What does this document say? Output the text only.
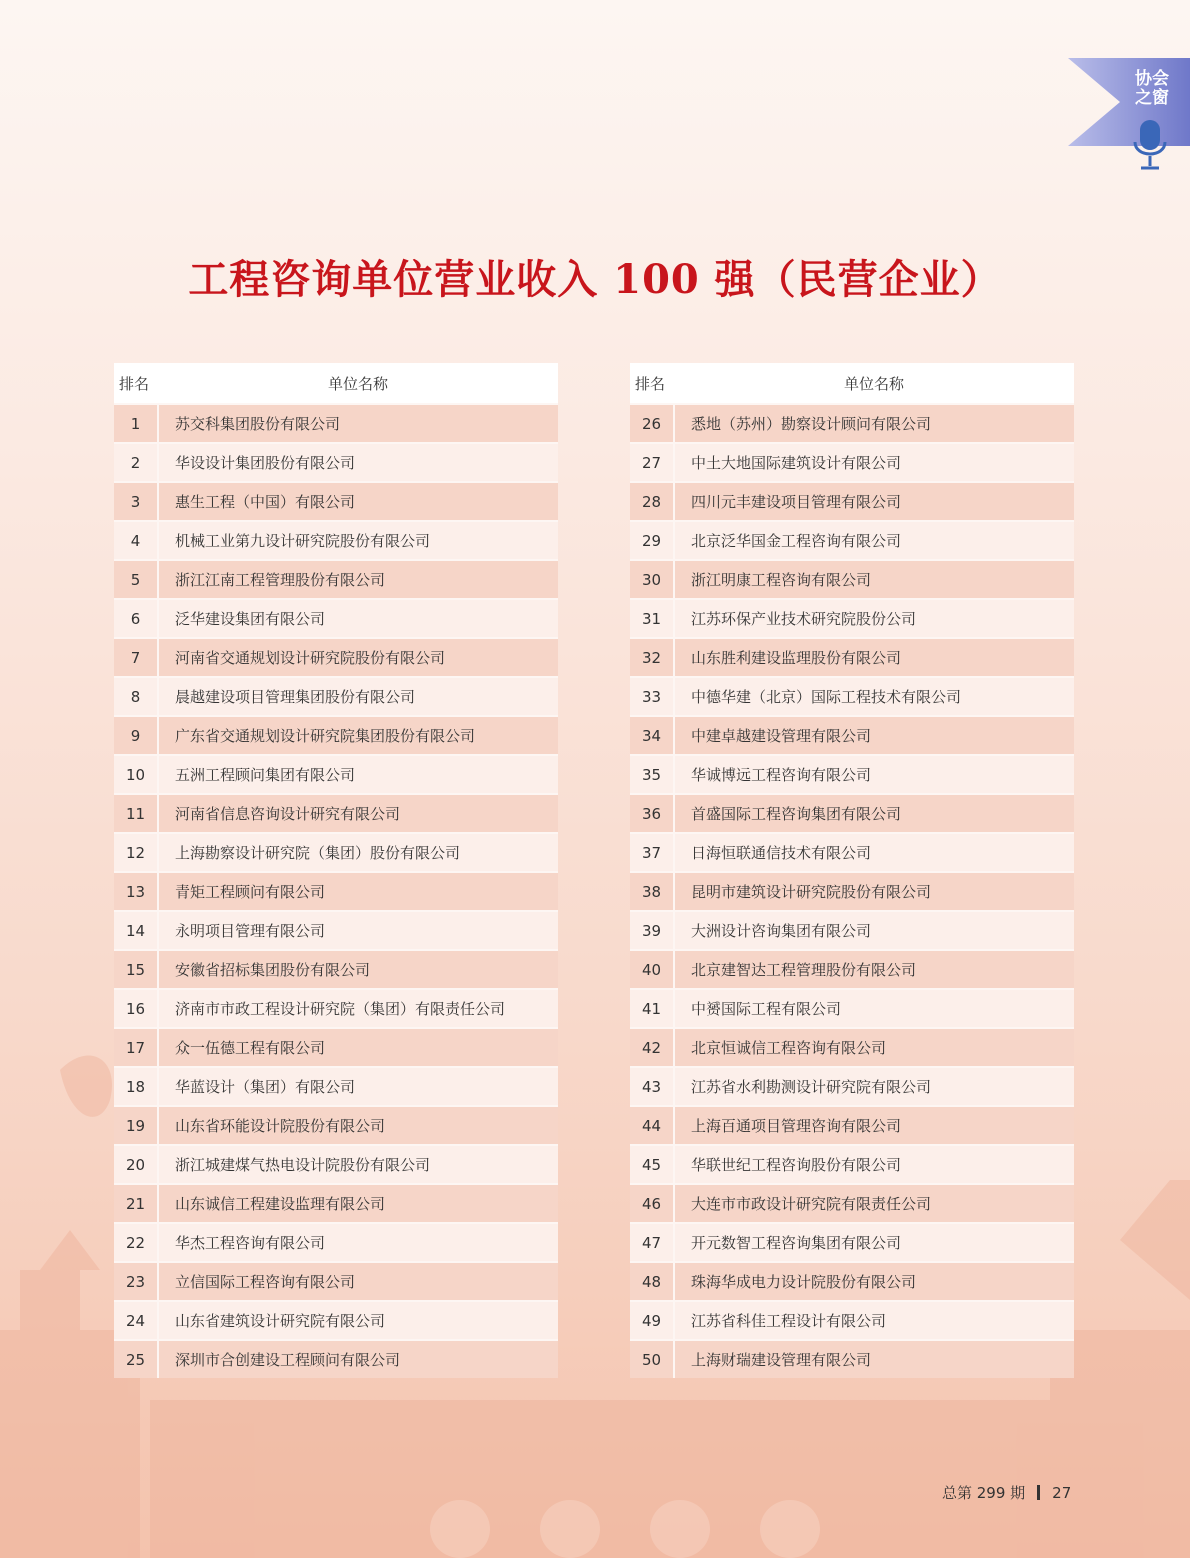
协会
之窗
工程咨询单位营业收入 100 强（民营企业）
排名	单位名称
1	苏交科集团股份有限公司
2	华设设计集团股份有限公司
3	惠生工程（中国）有限公司
4	机械工业第九设计研究院股份有限公司
5	浙江江南工程管理股份有限公司
6	泛华建设集团有限公司
7	河南省交通规划设计研究院股份有限公司
8	晨越建设项目管理集团股份有限公司
9	广东省交通规划设计研究院集团股份有限公司
10	五洲工程顾问集团有限公司
11	河南省信息咨询设计研究有限公司
12	上海勘察设计研究院（集团）股份有限公司
13	青矩工程顾问有限公司
14	永明项目管理有限公司
15	安徽省招标集团股份有限公司
16	济南市市政工程设计研究院（集团）有限责任公司
17	众一伍德工程有限公司
18	华蓝设计（集团）有限公司
19	山东省环能设计院股份有限公司
20	浙江城建煤气热电设计院股份有限公司
21	山东诚信工程建设监理有限公司
22	华杰工程咨询有限公司
23	立信国际工程咨询有限公司
24	山东省建筑设计研究院有限公司
25	深圳市合创建设工程顾问有限公司
排名	单位名称
26	悉地（苏州）勘察设计顾问有限公司
27	中土大地国际建筑设计有限公司
28	四川元丰建设项目管理有限公司
29	北京泛华国金工程咨询有限公司
30	浙江明康工程咨询有限公司
31	江苏环保产业技术研究院股份公司
32	山东胜利建设监理股份有限公司
33	中德华建（北京）国际工程技术有限公司
34	中建卓越建设管理有限公司
35	华诚博远工程咨询有限公司
36	首盛国际工程咨询集团有限公司
37	日海恒联通信技术有限公司
38	昆明市建筑设计研究院股份有限公司
39	大洲设计咨询集团有限公司
40	北京建智达工程管理股份有限公司
41	中赟国际工程有限公司
42	北京恒诚信工程咨询有限公司
43	江苏省水利勘测设计研究院有限公司
44	上海百通项目管理咨询有限公司
45	华联世纪工程咨询股份有限公司
46	大连市市政设计研究院有限责任公司
47	开元数智工程咨询集团有限公司
48	珠海华成电力设计院股份有限公司
49	江苏省科佳工程设计有限公司
50	上海财瑞建设管理有限公司
总第 299 期 27
